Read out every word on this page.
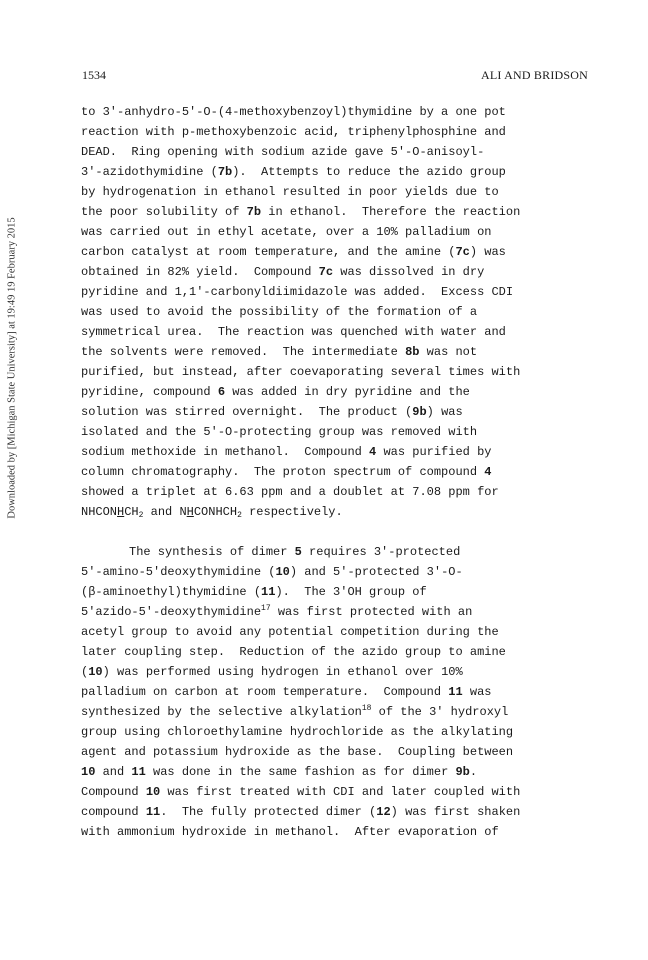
1534	ALI AND BRIDSON
Downloaded by [Michigan State University] at 19:49 19 February 2015
to 3'-anhydro-5'-O-(4-methoxybenzoyl)thymidine by a one pot
reaction with p-methoxybenzoic acid, triphenylphosphine and
DEAD.  Ring opening with sodium azide gave 5'-O-anisoyl-
3'-azidothymidine (7b).  Attempts to reduce the azido group
by hydrogenation in ethanol resulted in poor yields due to
the poor solubility of 7b in ethanol.  Therefore the reaction
was carried out in ethyl acetate, over a 10% palladium on
carbon catalyst at room temperature, and the amine (7c) was
obtained in 82% yield.  Compound 7c was dissolved in dry
pyridine and 1,1'-carbonyldiimidazole was added.  Excess CDI
was used to avoid the possibility of the formation of a
symmetrical urea.  The reaction was quenched with water and
the solvents were removed.  The intermediate 8b was not
purified, but instead, after coevaporating several times with
pyridine, compound 6 was added in dry pyridine and the
solution was stirred overnight.  The product (9b) was
isolated and the 5'-O-protecting group was removed with
sodium methoxide in methanol.  Compound 4 was purified by
column chromatography.  The proton spectrum of compound 4
showed a triplet at 6.63 ppm and a doublet at 7.08 ppm for
$NHCONHCH_2$ and $NHCONHCH_2$ respectively.
The synthesis of dimer 5 requires 3'-protected
5'-amino-5'deoxythymidine (10) and 5'-protected 3'-O-
(β-aminoethyl)thymidine (11).  The 3'OH group of
5'azido-5'-deoxythymidine$^{17}$ was first protected with an
acetyl group to avoid any potential competition during the
later coupling step.  Reduction of the azido group to amine
(10) was performed using hydrogen in ethanol over 10%
palladium on carbon at room temperature.  Compound 11 was
synthesized by the selective alkylation$^{18}$ of the 3' hydroxyl
group using chloroethylamine hydrochloride as the alkylating
agent and potassium hydroxide as the base.  Coupling between
10 and 11 was done in the same fashion as for dimer 9b.
Compound 10 was first treated with CDI and later coupled with
compound 11.  The fully protected dimer (12) was first shaken
with ammonium hydroxide in methanol.  After evaporation of
